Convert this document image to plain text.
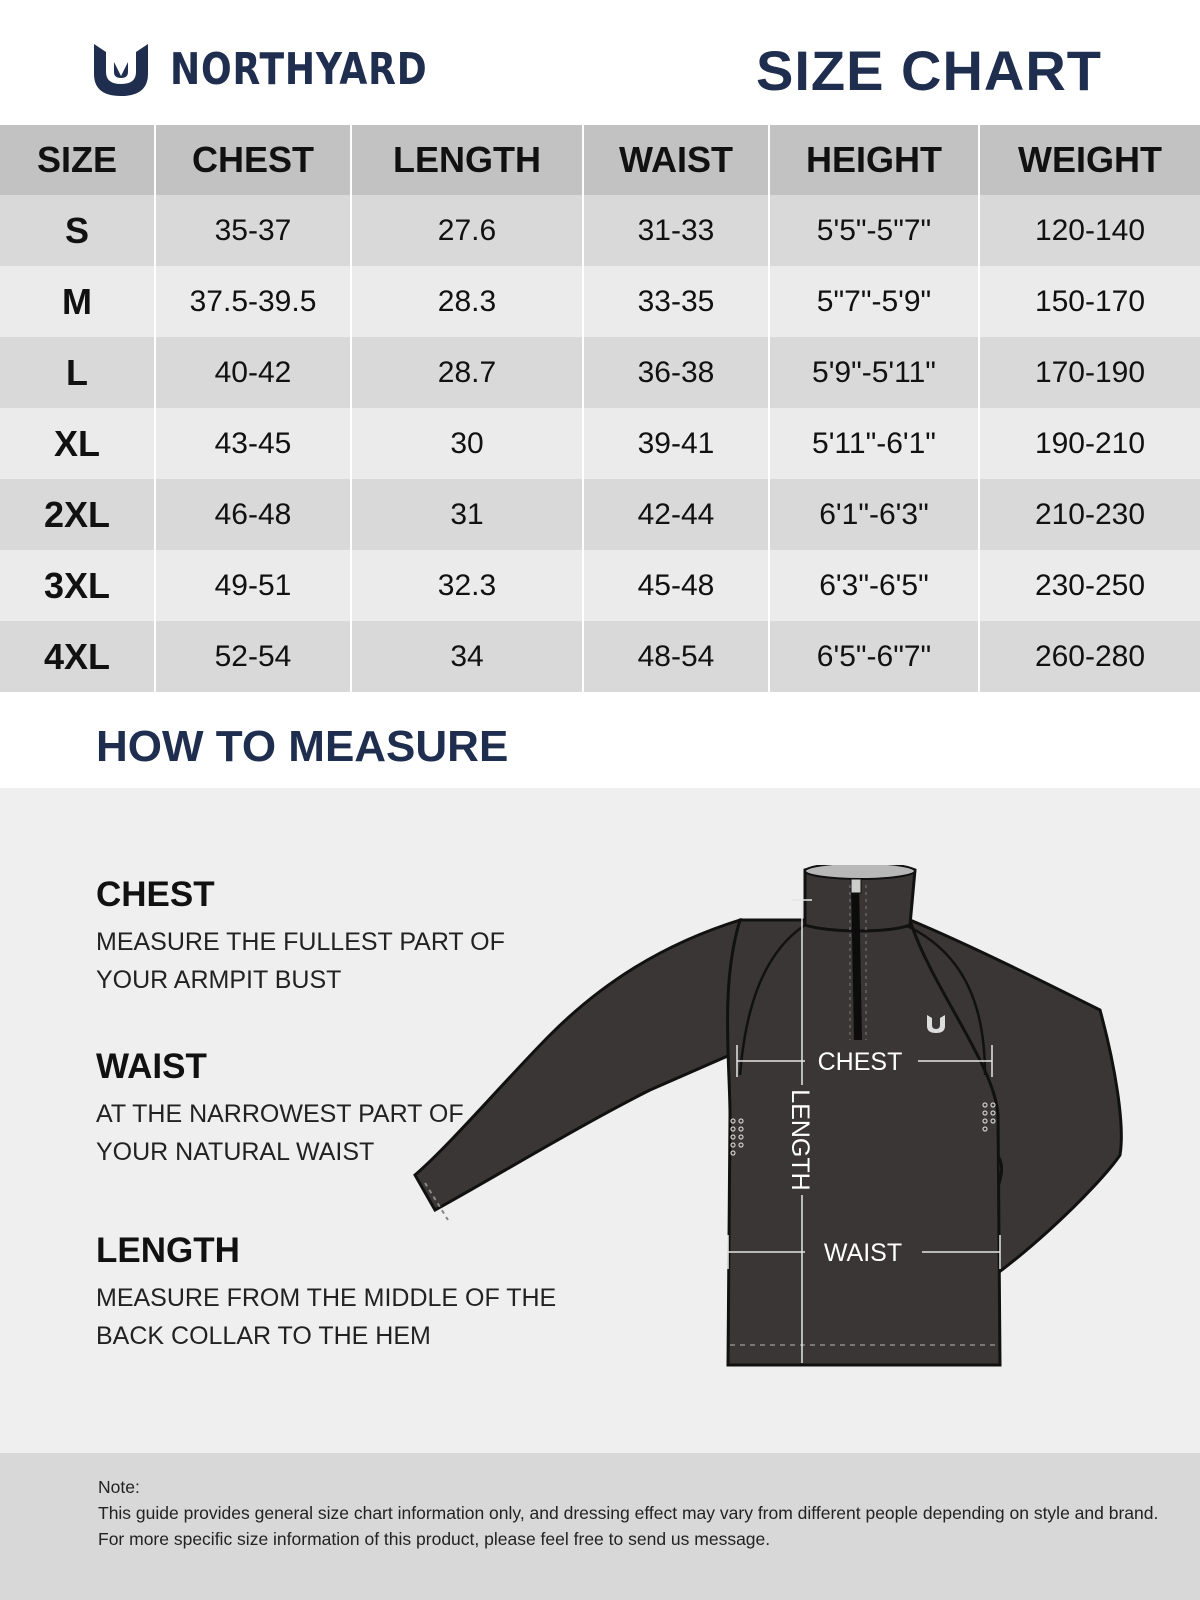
NORTHYARD	SIZE CHART
SIZE	CHEST	LENGTH	WAIST	HEIGHT	WEIGHT
S	35-37	27.6	31-33	5'5"-5"7"	120-140
M	37.5-39.5	28.3	33-35	5"7"-5'9"	150-170
L	40-42	28.7	36-38	5'9"-5'11"	170-190
XL	43-45	30	39-41	5'11"-6'1"	190-210
2XL	46-48	31	42-44	6'1"-6'3"	210-230
3XL	49-51	32.3	45-48	6'3"-6'5"	230-250
4XL	52-54	34	48-54	6'5"-6"7"	260-280
HOW TO MEASURE
CHEST
MEASURE THE FULLEST PART OF
YOUR ARMPIT BUST
WAIST
AT THE NARROWEST PART OF
YOUR NATURAL WAIST
LENGTH
MEASURE FROM THE MIDDLE OF THE
BACK COLLAR TO THE HEM
CHEST
WAIST
LENGTH
Note:
This guide provides general size chart information only, and dressing effect may vary from different people depending on style and brand.
For more specific size information of this product, please feel free to send us message.
